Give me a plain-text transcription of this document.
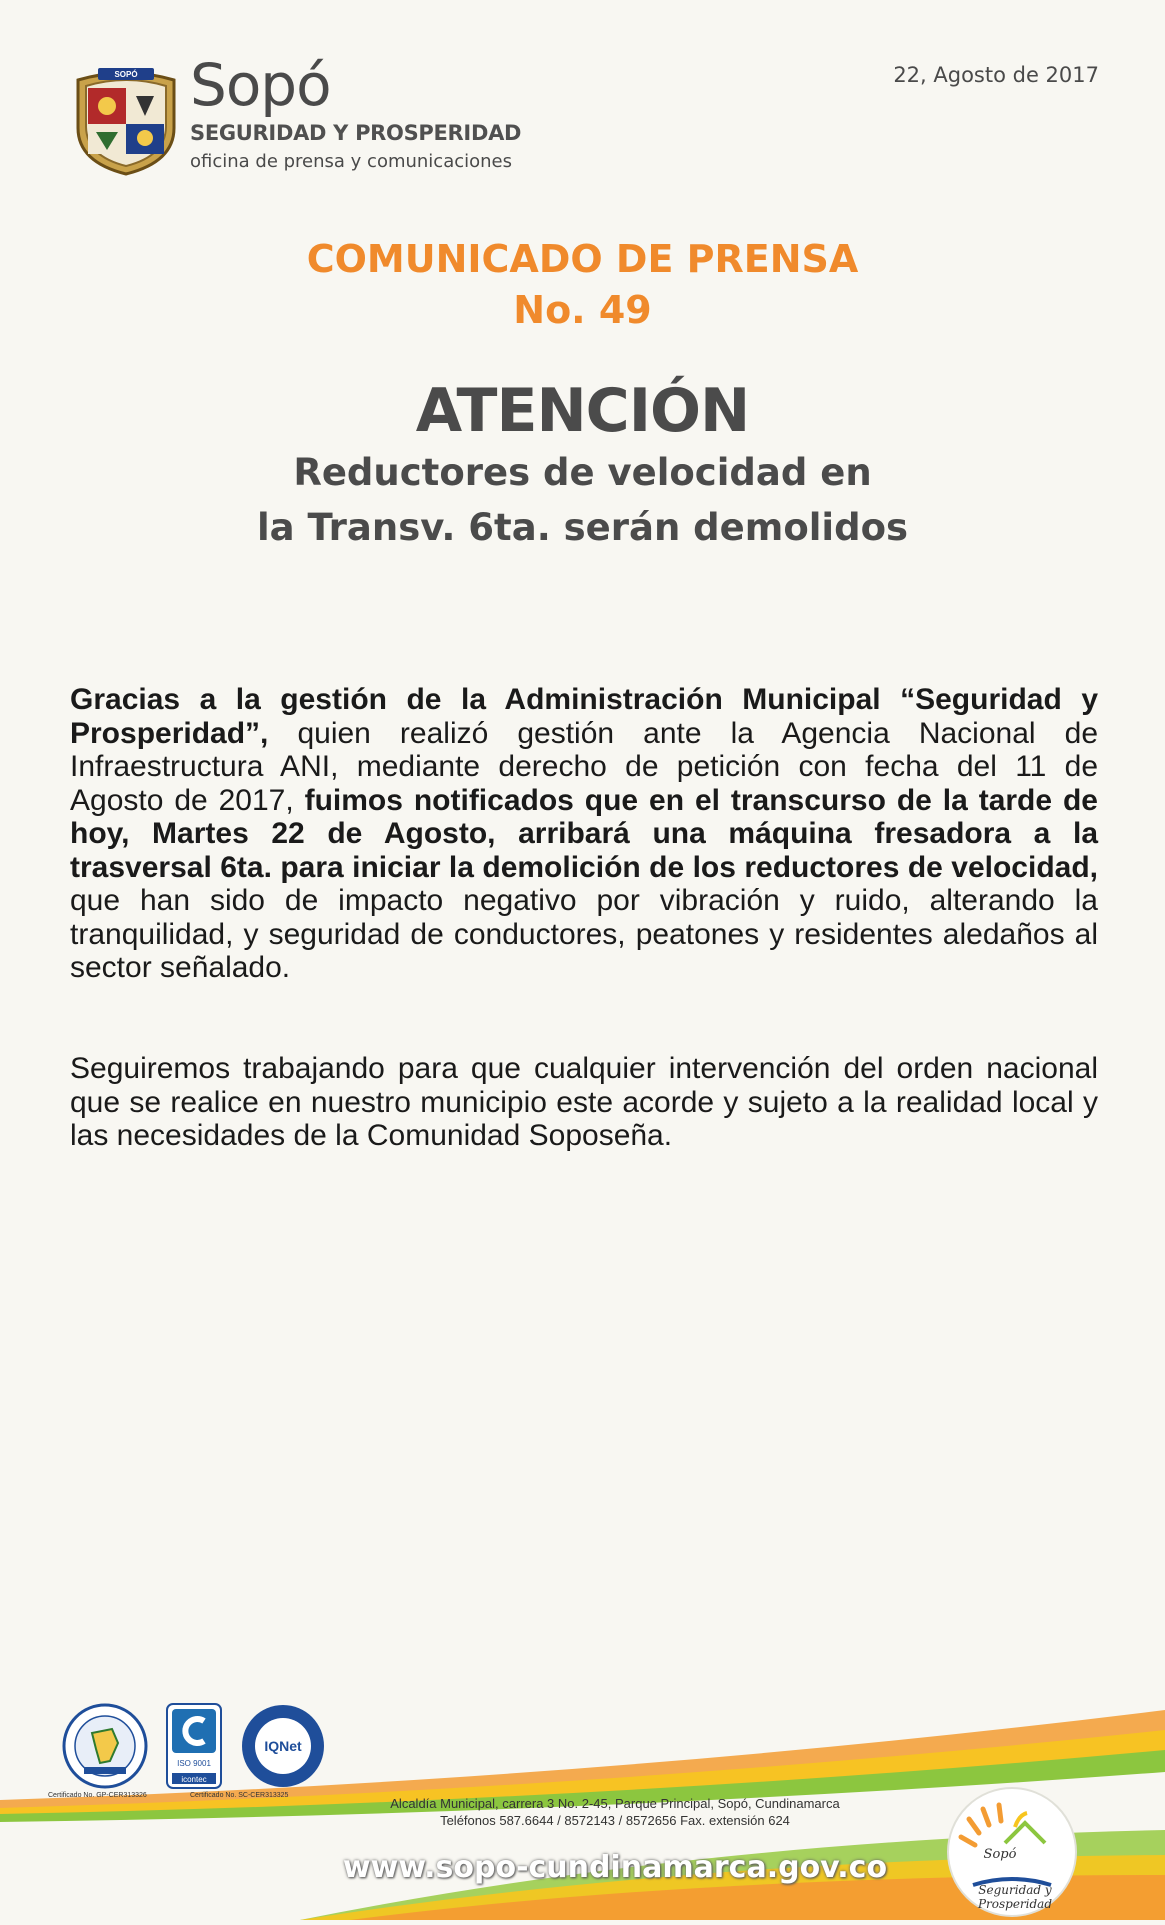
SOPÓ Sopó
SEGURIDAD Y PROSPERIDAD
oficina de prensa y comunicaciones
22, Agosto de 2017
COMUNICADO DE PRENSA
No. 49
ATENCIÓN
Reductores de velocidad en
la Transv. 6ta. serán demolidos
Gracias a la gestión de la Administración Municipal “Seguridad y Prosperidad”, quien realizó gestión ante la Agencia Nacional de Infraestructura ANI, mediante derecho de petición con fecha del 11 de Agosto de 2017, fuimos notificados que en el transcurso de la tarde de hoy, Martes 22 de Agosto, arribará una máquina fresadora a la trasversal 6ta. para iniciar la demolición de los reductores de velocidad, que han sido de impacto negativo por vibración y ruido, alterando la tranquilidad, y seguridad de conductores, peatones y residentes aledaños al sector señalado.
Seguiremos trabajando para que cualquier intervención del orden nacional que se realice en nuestro municipio este acorde y sujeto a la realidad local y las necesidades de la Comunidad Soposeña.
ISO 9001
icontec
IQNet
Certificado No. GP-CER313326	Certificado No. SC-CER313325
Alcaldía Municipal, carrera 3 No. 2-45, Parque Principal, Sopó, Cundinamarca
Teléfonos 587.6644 / 8572143 / 8572656 Fax. extensión 624
www.sopo-cundinamarca.gov.co	Sopó
Seguridad y Prosperidad
